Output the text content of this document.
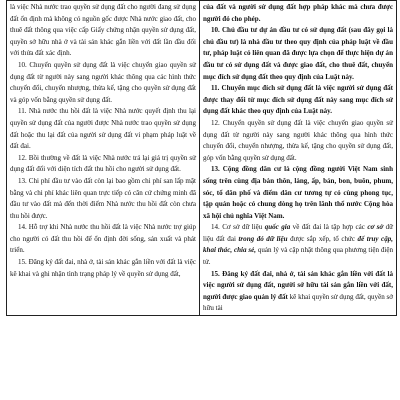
là việc Nhà nước trao quyền sử dụng đất cho người đang sử dụng đất ổn định mà không có nguồn gốc được Nhà nước giao đất, cho thuê đất thông qua việc cấp Giấy chứng nhận quyền sử dụng đất, quyền sở hữu nhà ở và tài sản khác gắn liền với đất lần đầu đối với thửa đất xác định.

10. Chuyển quyền sử dụng đất là việc chuyển giao quyền sử dụng đất từ người này sang người khác thông qua các hình thức chuyển đổi, chuyển nhượng, thừa kế, tặng cho quyền sử dụng đất và góp vốn bằng quyền sử dụng đất.

11. Nhà nước thu hồi đất là việc Nhà nước quyết định thu lại quyền sử dụng đất của người được Nhà nước trao quyền sử dụng đất hoặc thu lại đất của người sử dụng đất vi phạm pháp luật về đất đai.

12. Bồi thường về đất là việc Nhà nước trả lại giá trị quyền sử dụng đất đối với diện tích đất thu hồi cho người sử dụng đất.

13. Chi phí đầu tư vào đất còn lại bao gồm chi phí san lấp mặt bằng và chi phí khác liên quan trực tiếp có căn cứ chứng minh đã đầu tư vào đất mà đến thời điểm Nhà nước thu hồi đất còn chưa thu hồi được.

14. Hỗ trợ khi Nhà nước thu hồi đất là việc Nhà nước trợ giúp cho người có đất thu hồi để ổn định đời sống, sản xuất và phát triển.

15. Đăng ký đất đai, nhà ở, tài sản khác gắn liền với đất là việc kê khai và ghi nhận tình trạng pháp lý về quyền sử dụng đất,

của đất và người sử dụng đất hợp pháp khác mà chưa được người đó cho phép.

10. Chủ đầu tư dự án đầu tư có sử dụng đất (sau đây gọi là chủ đầu tư) là nhà đầu tư theo quy định của pháp luật về đầu tư, pháp luật có liên quan đã được lựa chọn để thực hiện dự án đầu tư có sử dụng đất và được giao đất, cho thuê đất, chuyển mục đích sử dụng đất theo quy định của Luật này.

11. Chuyển mục đích sử dụng đất là việc người sử dụng đất được thay đổi từ mục đích sử dụng đất này sang mục đích sử dụng đất khác theo quy định của Luật này.

12. Chuyển quyền sử dụng đất là việc chuyển giao quyền sử dụng đất từ người này sang người khác thông qua hình thức chuyển đổi, chuyển nhượng, thừa kế, tặng cho quyền sử dụng đất, góp vốn bằng quyền sử dụng đất.

13. Cộng đồng dân cư là cộng đồng người Việt Nam sinh sống trên cùng địa bàn thôn, làng, ấp, bản, bon, buôn, phum, sóc, tổ dân phố và điểm dân cư tương tự có cùng phong tục, tập quán hoặc có chung dòng họ trên lãnh thổ nước Cộng hòa xã hội chủ nghĩa Việt Nam.

14. Cơ sở dữ liệu quốc gia về đất đai là tập hợp các cơ sở dữ liệu đất đai trong đó dữ liệu được sắp xếp, tổ chức để truy cập, khai thác, chia sẻ, quản lý và cập nhật thông qua phương tiện điện tử.

15. Đăng ký đất đai, nhà ở, tài sản khác gắn liền với đất là việc người sử dụng đất, người sở hữu tài sản gắn liền với đất, người được giao quản lý đất kê khai quyền sử dụng đất, quyền sở hữu tài
